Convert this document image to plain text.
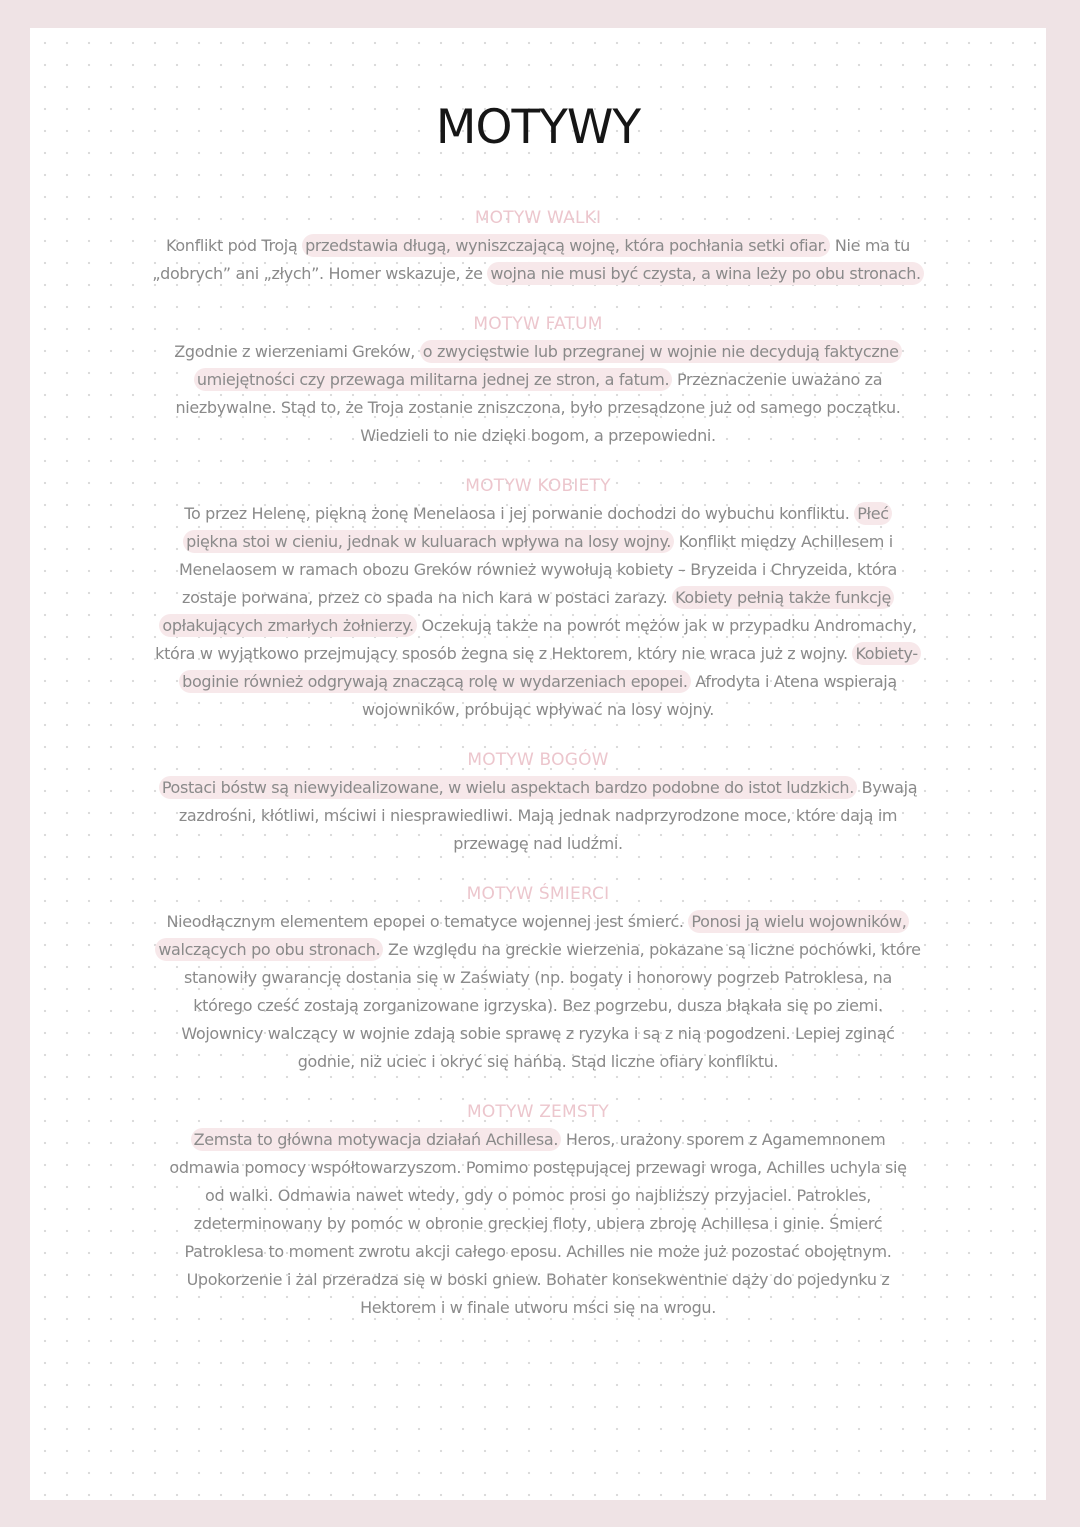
MOTYWY
MOTYW WALKI
Konflikt pod Troją przedstawia długą, wyniszczającą wojnę, która pochłania setki ofiar. Nie ma tu
„dobrych” ani „złych”. Homer wskazuje, że wojna nie musi być czysta, a wina leży po obu stronach.
MOTYW FATUM
Zgodnie z wierzeniami Greków, o zwycięstwie lub przegranej w wojnie nie decydują faktyczne
umiejętności czy przewaga militarna jednej ze stron, a fatum. Przeznaczenie uważano za
niezbywalne. Stąd to, że Troja zostanie zniszczona, było przesądzone już od samego początku.
Wiedzieli to nie dzięki bogom, a przepowiedni.
MOTYW KOBIETY
To przez Helenę, piękną żonę Menelaosa i jej porwanie dochodzi do wybuchu konfliktu. Płeć
piękna stoi w cieniu, jednak w kuluarach wpływa na losy wojny. Konflikt między Achillesem i
Menelaosem w ramach obozu Greków również wywołują kobiety – Bryzeida i Chryzeida, która
zostaje porwana, przez co spada na nich kara w postaci zarazy. Kobiety pełnią także funkcję
opłakujących zmarłych żołnierzy. Oczekują także na powrót mężów jak w przypadku Andromachy,
która w wyjątkowo przejmujący sposób żegna się z Hektorem, który nie wraca już z wojny. Kobiety-
boginie również odgrywają znaczącą rolę w wydarzeniach epopei. Afrodyta i Atena wspierają
wojowników, próbując wpływać na losy wojny.
MOTYW BOGÓW
Postaci bóstw są niewyidealizowane, w wielu aspektach bardzo podobne do istot ludzkich. Bywają
zazdrośni, kłótliwi, mściwi i niesprawiedliwi. Mają jednak nadprzyrodzone moce, które dają im
przewagę nad ludźmi.
MOTYW ŚMIERCI
Nieodłącznym elementem epopei o tematyce wojennej jest śmierć. Ponosi ją wielu wojowników,
walczących po obu stronach. Ze względu na greckie wierzenia, pokazane są liczne pochówki, które
stanowiły gwarancję dostania się w Zaświaty (np. bogaty i honorowy pogrzeb Patroklesa, na
którego cześć zostają zorganizowane igrzyska). Bez pogrzebu, dusza błąkała się po ziemi.
Wojownicy walczący w wojnie zdają sobie sprawę z ryzyka i są z nią pogodzeni. Lepiej zginąć
godnie, niż uciec i okryć się hańbą. Stąd liczne ofiary konfliktu.
MOTYW ZEMSTY
Zemsta to główna motywacja działań Achillesa. Heros, urażony sporem z Agamemnonem
odmawia pomocy współtowarzyszom. Pomimo postępującej przewagi wroga, Achilles uchyla się
od walki. Odmawia nawet wtedy, gdy o pomoc prosi go najbliższy przyjaciel. Patrokles,
zdeterminowany by pomóc w obronie greckiej floty, ubiera zbroję Achillesa i ginie. Śmierć
Patroklesa to moment zwrotu akcji całego eposu. Achilles nie może już pozostać obojętnym.
Upokorzenie i żal przeradza się w boski gniew. Bohater konsekwentnie dąży do pojedynku z
Hektorem i w finale utworu mści się na wrogu.
